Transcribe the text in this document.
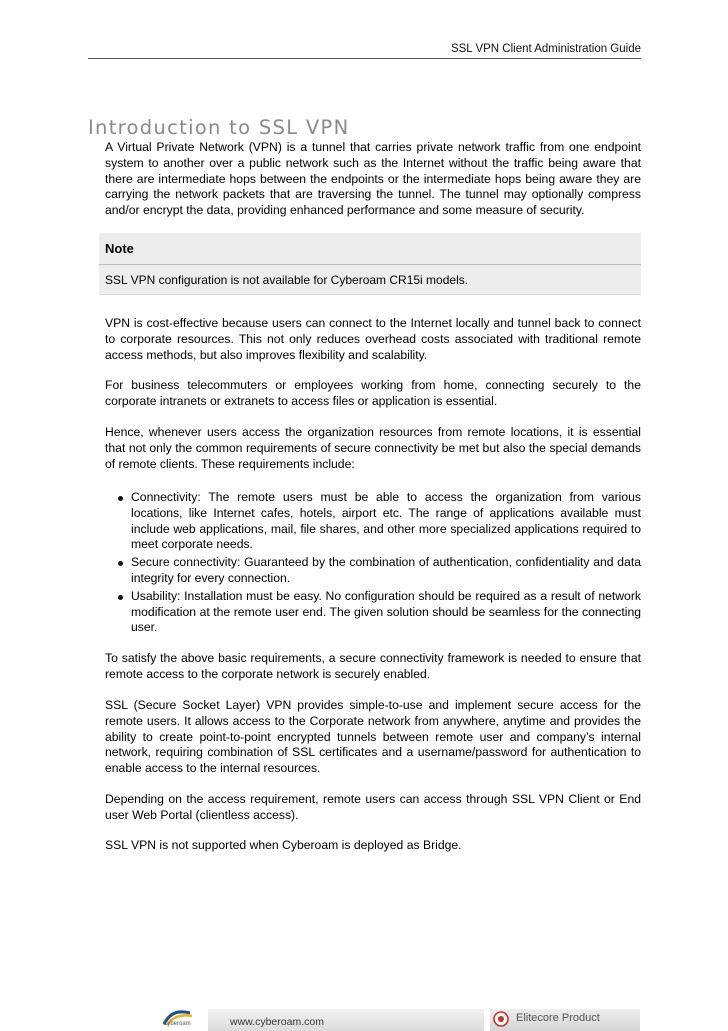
SSL VPN Client Administration Guide
Introduction to SSL VPN

A Virtual Private Network (VPN) is a tunnel that carries private network traffic from one endpoint system to another over a public network such as the Internet without the traffic being aware that there are intermediate hops between the endpoints or the intermediate hops being aware they are carrying the network packets that are traversing the tunnel. The tunnel may optionally compress and/or encrypt the data, providing enhanced performance and some measure of security.

Note
SSL VPN configuration is not available for Cyberoam CR15i models.

VPN is cost-effective because users can connect to the Internet locally and tunnel back to connect to corporate resources. This not only reduces overhead costs associated with traditional remote access methods, but also improves flexibility and scalability.

For business telecommuters or employees working from home, connecting securely to the corporate intranets or extranets to access files or application is essential.

Hence, whenever users access the organization resources from remote locations, it is essential that not only the common requirements of secure connectivity be met but also the special demands of remote clients. These requirements include:

Connectivity: The remote users must be able to access the organization from various locations, like Internet cafes, hotels, airport etc. The range of applications available must include web applications, mail, file shares, and other more specialized applications required to meet corporate needs.
Secure connectivity: Guaranteed by the combination of authentication, confidentiality and data integrity for every connection.
Usability: Installation must be easy. No configuration should be required as a result of network modification at the remote user end. The given solution should be seamless for the connecting user.

To satisfy the above basic requirements, a secure connectivity framework is needed to ensure that remote access to the corporate network is securely enabled.

SSL (Secure Socket Layer) VPN provides simple-to-use and implement secure access for the remote users. It allows access to the Corporate network from anywhere, anytime and provides the ability to create point-to-point encrypted tunnels between remote user and company’s internal network, requiring combination of SSL certificates and a username/password for authentication to enable access to the internal resources.

Depending on the access requirement, remote users can access through SSL VPN Client or End user Web Portal (clientless access).

SSL VPN is not supported when Cyberoam is deployed as Bridge.

Cyberoam	www.cyberoam.com	Elitecore Product
